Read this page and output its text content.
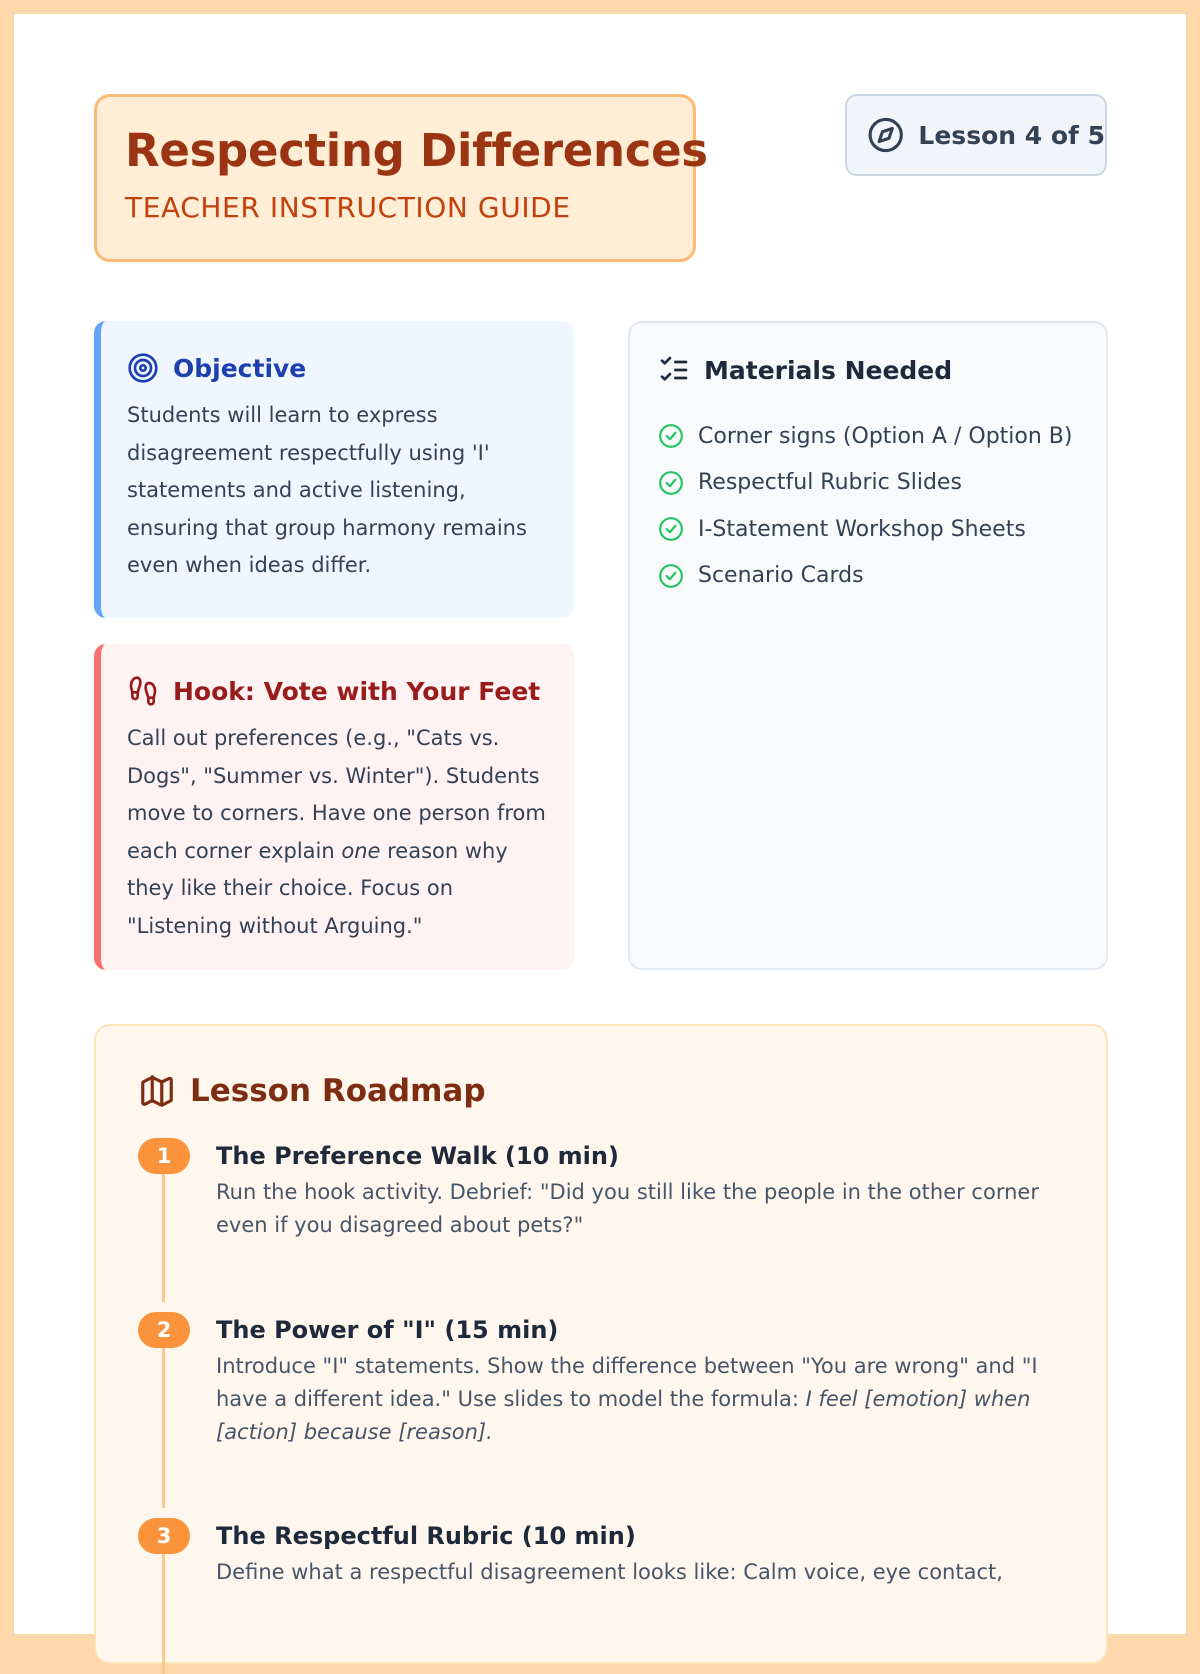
Respecting Differences
TEACHER INSTRUCTION GUIDE
Lesson 4 of 5
Objective
Students will learn to express disagreement respectfully using 'I' statements and active listening, ensuring that group harmony remains even when ideas differ.
Hook: Vote with Your Feet
Call out preferences (e.g., "Cats vs. Dogs", "Summer vs. Winter"). Students move to corners. Have one person from each corner explain one reason why they like their choice. Focus on "Listening without Arguing."
Materials Needed
Corner signs (Option A / Option B)
Respectful Rubric Slides
I-Statement Workshop Sheets
Scenario Cards
Lesson Roadmap
1	The Preference Walk (10 min)
Run the hook activity. Debrief: "Did you still like the people in the other corner even if you disagreed about pets?"
2	The Power of "I" (15 min)
Introduce "I" statements. Show the difference between "You are wrong" and "I have a different idea." Use slides to model the formula: I feel [emotion] when [action] because [reason].
3	The Respectful Rubric (10 min)
Define what a respectful disagreement looks like: Calm voice, eye contact,
